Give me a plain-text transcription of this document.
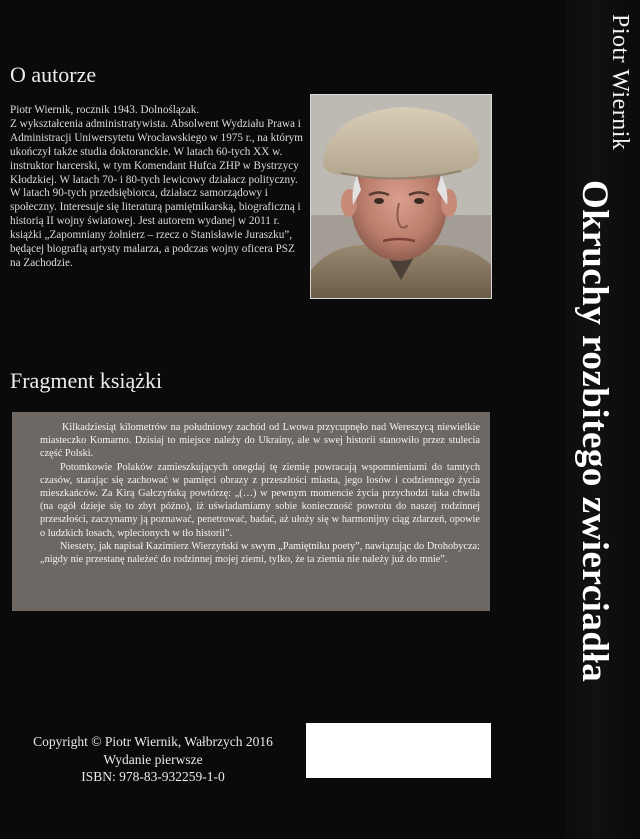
Piotr Wiernik
Okruchy rozbitego zwierciadła
O autorze

Piotr Wiernik, rocznik 1943. Dolnoślązak.

Z wykształcenia administratywista. Absolwent Wydziału Prawa i Administracji Uniwersytetu Wrocławskiego w 1975 r., na którym ukończył także studia doktoranckie. W latach 60-tych XX w. instruktor harcerski, w tym Komendant Hufca ZHP w Bystrzycy Kłodzkiej. W latach 70- i 80-tych lewicowy działacz polityczny. W latach 90-tych przedsiębiorca, działacz samorządowy i społeczny. Interesuje się literaturą pamiętnikarską, biograficzną i historią II wojny światowej. Jest autorem wydanej w 2011 r. książki „Zapomniany żołnierz – rzecz o Stanisławie Juraszku”, będącej biografią artysty malarza, a podczas wojny oficera PSZ na Zachodzie.

Fragment książki

Kilkadziesiąt kilometrów na południowy zachód od Lwowa przycupnęło nad Wereszycą niewielkie miasteczko Komarno. Dzisiaj to miejsce należy do Ukrainy, ale w swej historii stanowiło przez stulecia część Polski.

Potomkowie Polaków zamieszkujących onegdaj tę ziemię powracają wspomnieniami do tamtych czasów, starając się zachować w pamięci obrazy z przeszłości miasta, jego losów i codziennego życia mieszkańców. Za Kirą Gałczyńską powtórzę: „(…) w pewnym momencie życia przychodzi taka chwila (na ogół dzieje się to zbyt późno), iż uświadamiamy sobie konieczność powrotu do naszej rodzinnej przeszłości, zaczynamy ją poznawać, penetrować, badać, aż ułoży się w harmonijny ciąg zdarzeń, opowie o ludzkich losach, wplecionych w tło historii”.

Niestety, jak napisał Kazimierz Wierzyński w swym „Pamiętniku poety”, nawiązując do Drohobycza: „nigdy nie przestanę należeć do rodzinnej mojej ziemi, tylko, że ta ziemia nie należy już do mnie”.

Copyright © Piotr Wiernik, Wałbrzych 2016
Wydanie pierwsze
ISBN: 978-83-932259-1-0
